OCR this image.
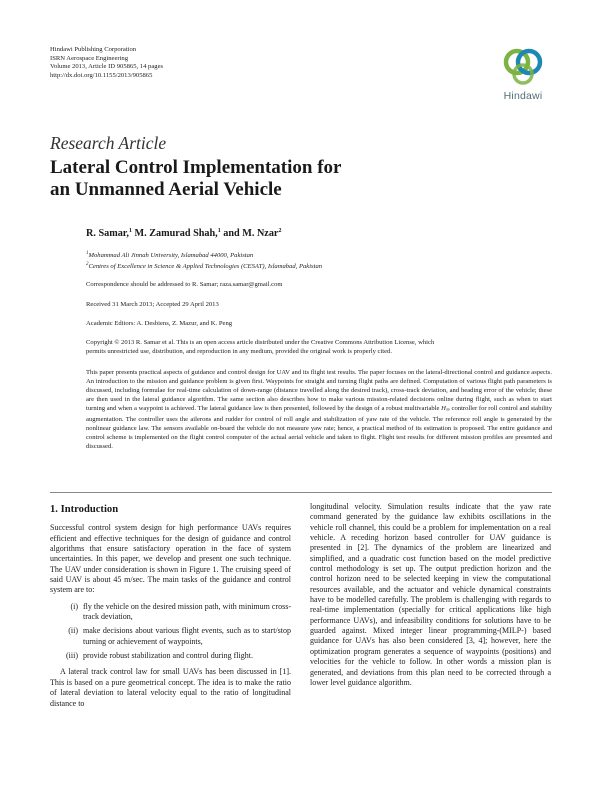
Hindawi Publishing Corporation
ISRN Aerospace Engineering
Volume 2013, Article ID 905865, 14 pages
http://dx.doi.org/10.1155/2013/905865
Hindawi
Research Article
Lateral Control Implementation for
an Unmanned Aerial Vehicle
R. Samar,$^1$ M. Zamurad Shah,$^1$ and M. Nzar$^2$
$^1$Mohammad Ali Jinnah University, Islamabad 44000, Pakistan
$^2$Centres of Excellence in Science & Applied Technologies (CESAT), Islamabad, Pakistan
Correspondence should be addressed to R. Samar; raza.samar@gmail.com
Received 31 March 2013; Accepted 29 April 2013
Academic Editors: A. Desbiens, Z. Mazur, and K. Peng
Copyright © 2013 R. Samar et al. This is an open access article distributed under the Creative Commons Attribution License, which
permits unrestricted use, distribution, and reproduction in any medium, provided the original work is properly cited.
This paper presents practical aspects of guidance and control design for UAV and its flight test results. The paper focuses on the lateral-directional control and guidance aspects. An introduction to the mission and guidance problem is given first. Waypoints for straight and turning flight paths are defined. Computation of various flight path parameters is discussed, including formulae for real-time calculation of down-range (distance travelled along the desired track), cross-track deviation, and heading error of the vehicle; these are then used in the lateral guidance algorithm. The same section also describes how to make various mission-related decisions online during flight, such as when to start turning and when a waypoint is achieved. The lateral guidance law is then presented, followed by the design of a robust multivariable H∞ controller for roll control and stability augmentation. The controller uses the ailerons and rudder for control of roll angle and stabilization of yaw rate of the vehicle. The reference roll angle is generated by the nonlinear guidance law. The sensors available on-board the vehicle do not measure yaw rate; hence, a practical method of its estimation is proposed. The entire guidance and control scheme is implemented on the flight control computer of the actual aerial vehicle and taken to flight. Flight test results for different mission profiles are presented and discussed.
1. Introduction

Successful control system design for high performance UAVs requires efficient and effective techniques for the design of guidance and control algorithms that ensure satisfactory operation in the face of system uncertainties. In this paper, we develop and present one such technique. The UAV under consideration is shown in Figure 1. The cruising speed of said UAV is about 45 m/sec. The main tasks of the guidance and control system are to:

(i) fly the vehicle on the desired mission path, with minimum cross-track deviation,
(ii) make decisions about various flight events, such as to start/stop turning or achievement of waypoints,
(iii) provide robust stabilization and control during flight.

A lateral track control law for small UAVs has been discussed in [1]. This is based on a pure geometrical concept. The idea is to make the ratio of lateral deviation to lateral velocity equal to the ratio of longitudinal distance to

longitudinal velocity. Simulation results indicate that the yaw rate command generated by the guidance law exhibits oscillations in the vehicle roll channel, this could be a problem for implementation on a real vehicle. A receding horizon based controller for UAV guidance is presented in [2]. The dynamics of the problem are linearized and simplified, and a quadratic cost function based on the model predictive control methodology is set up. The output prediction horizon and the control horizon need to be selected keeping in view the computational resources available, and the actuator and vehicle dynamical constraints have to be modelled carefully. The problem is challenging with regards to real-time implementation (specially for critical applications like high performance UAVs), and infeasibility conditions for solutions have to be guarded against. Mixed integer linear programming-(MILP-) based guidance for UAVs has also been considered [3, 4]; however, here the optimization program generates a sequence of waypoints (positions) and velocities for the vehicle to follow. In other words a mission plan is generated, and deviations from this plan need to be corrected through a lower level guidance algorithm.
